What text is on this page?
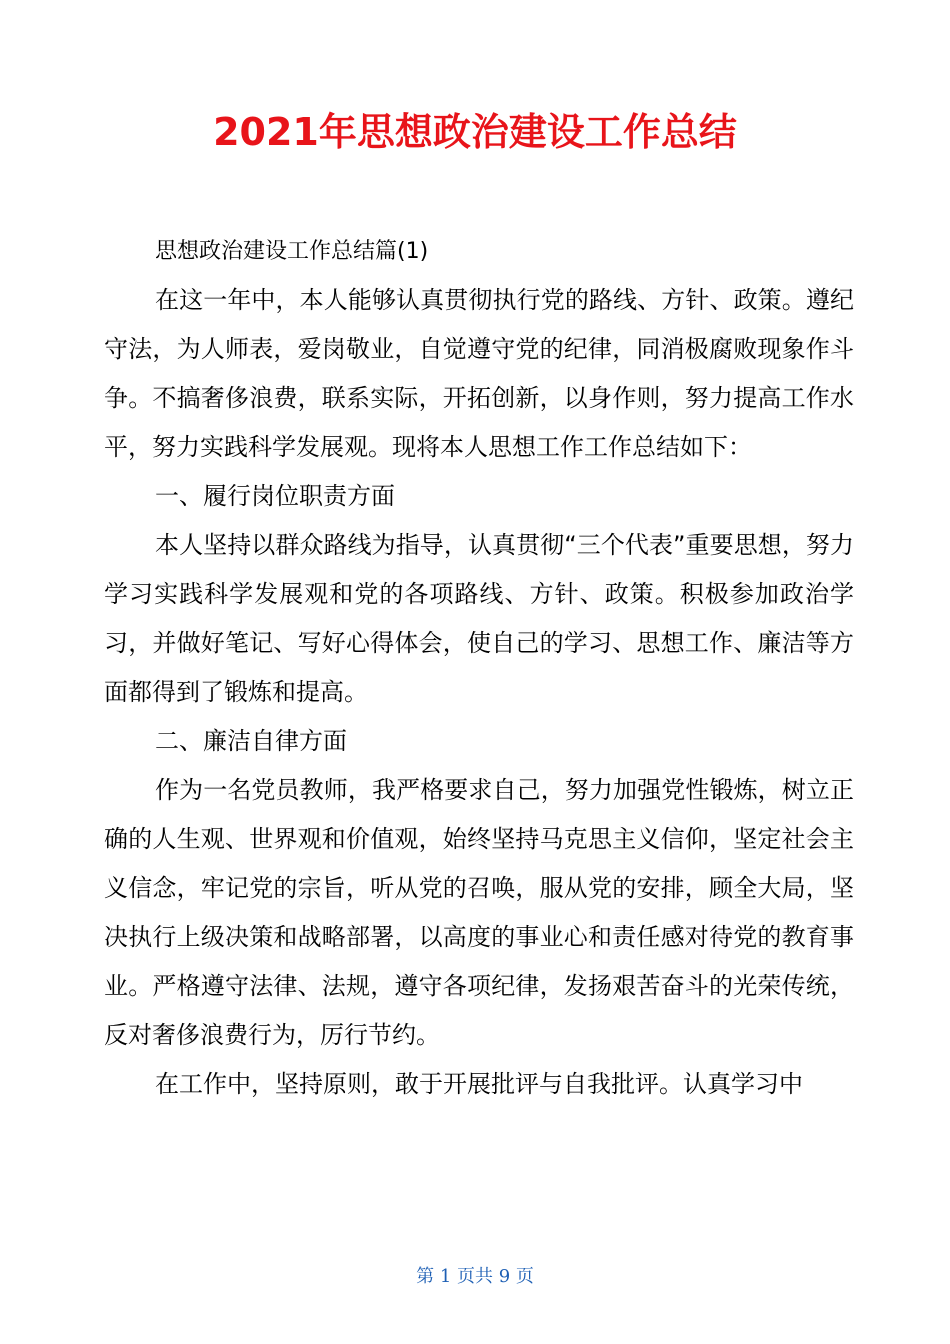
2021年思想政治建设工作总结

思想政治建设工作总结篇(1)

在这一年中，本人能够认真贯彻执行党的路线、方针、政策。遵纪守法，为人师表，爱岗敬业，自觉遵守党的纪律，同消极腐败现象作斗争。不搞奢侈浪费，联系实际，开拓创新，以身作则，努力提高工作水平，努力实践科学发展观。现将本人思想工作工作总结如下：

一、履行岗位职责方面

本人坚持以群众路线为指导，认真贯彻“三个代表”重要思想，努力学习实践科学发展观和党的各项路线、方针、政策。积极参加政治学习，并做好笔记、写好心得体会，使自己的学习、思想工作、廉洁等方面都得到了锻炼和提高。

二、廉洁自律方面

作为一名党员教师，我严格要求自己，努力加强党性锻炼，树立正确的人生观、世界观和价值观，始终坚持马克思主义信仰，坚定社会主义信念，牢记党的宗旨，听从党的召唤，服从党的安排，顾全大局，坚决执行上级决策和战略部署，以高度的事业心和责任感对待党的教育事业。严格遵守法律、法规，遵守各项纪律，发扬艰苦奋斗的光荣传统，反对奢侈浪费行为，厉行节约。

在工作中，坚持原则，敢于开展批评与自我批评。认真学习中

第 1 页共 9 页
